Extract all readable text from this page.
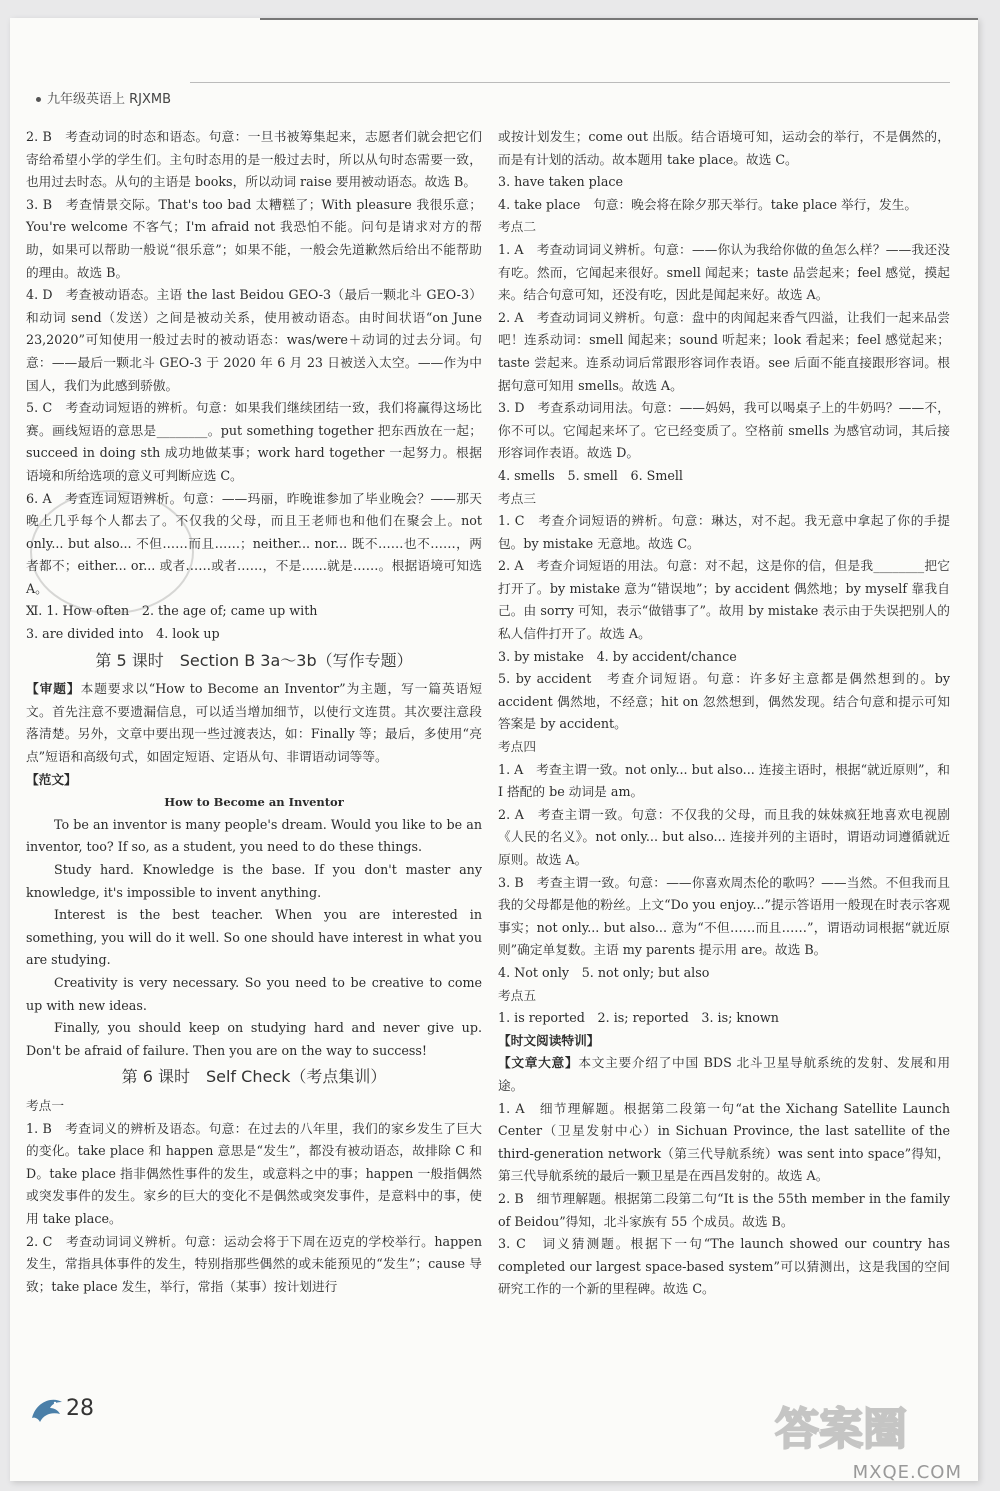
九年级英语上 RJXMB

2. B　考查动词的时态和语态。句意：一旦书被筹集起来，志愿者们就会把它们寄给希望小学的学生们。主句时态用的是一般过去时，所以从句时态需要一致，也用过去时态。从句的主语是 books，所以动词 raise 要用被动语态。故选 B。

3. B　考查情景交际。That's too bad 太糟糕了；With pleasure 我很乐意；You're welcome 不客气；I'm afraid not 我恐怕不能。问句是请求对方的帮助，如果可以帮助一般说“很乐意”；如果不能，一般会先道歉然后给出不能帮助的理由。故选 B。

4. D　考查被动语态。主语 the last Beidou GEO-3（最后一颗北斗 GEO-3）和动词 send（发送）之间是被动关系，使用被动语态。由时间状语“on June 23,2020”可知使用一般过去时的被动语态：was/were＋动词的过去分词。句意：——最后一颗北斗 GEO-3 于 2020 年 6 月 23 日被送入太空。——作为中国人，我们为此感到骄傲。

5. C　考查动词短语的辨析。句意：如果我们继续团结一致，我们将赢得这场比赛。画线短语的意思是________。put something together 把东西放在一起；succeed in doing sth 成功地做某事；work hard together 一起努力。根据语境和所给选项的意义可判断应选 C。

6. A　考查连词短语辨析。句意：——玛丽，昨晚谁参加了毕业晚会？——那天晚上几乎每个人都去了。不仅我的父母，而且王老师也和他们在聚会上。not only... but also... 不但……而且……；neither... nor... 既不……也不……，两者都不；either... or... 或者……或者……，不是……就是……。根据语境可知选 A。

Ⅺ. 1. How often　2. the age of; came up with

3. are divided into　4. look up

第 5 课时　Section B 3a～3b（写作专题）

【审题】本题要求以“How to Become an Inventor”为主题，写一篇英语短文。首先注意不要遗漏信息，可以适当增加细节，以使行文连贯。其次要注意段落清楚。另外，文章中要出现一些过渡表达，如：Finally 等；最后，多使用“亮点”短语和高级句式，如固定短语、定语从句、非谓语动词等等。

【范文】

How to Become an Inventor

To be an inventor is many people's dream. Would you like to be an inventor, too? If so, as a student, you need to do these things.

Study hard. Knowledge is the base. If you don't master any knowledge, it's impossible to invent anything.

Interest is the best teacher. When you are interested in something, you will do it well. So one should have interest in what you are studying.

Creativity is very necessary. So you need to be creative to come up with new ideas.

Finally, you should keep on studying hard and never give up. Don't be afraid of failure. Then you are on the way to success!

第 6 课时　Self Check（考点集训）

考点一

1. B　考查词义的辨析及语态。句意：在过去的八年里，我们的家乡发生了巨大的变化。take place 和 happen 意思是“发生”，都没有被动语态，故排除 C 和 D。take place 指非偶然性事件的发生，或意料之中的事；happen 一般指偶然或突发事件的发生。家乡的巨大的变化不是偶然或突发事件，是意料中的事，使用 take place。

2. C　考查动词词义辨析。句意：运动会将于下周在迈克的学校举行。happen 发生，常指具体事件的发生，特别指那些偶然的或未能预见的“发生”；cause 导致；take place 发生，举行，常指（某事）按计划进行

或按计划发生；come out 出版。结合语境可知，运动会的举行，不是偶然的，而是有计划的活动。故本题用 take place。故选 C。

3. have taken place

4. take place　句意：晚会将在除夕那天举行。take place 举行，发生。

考点二

1. A　考查动词词义辨析。句意：——你认为我给你做的鱼怎么样？——我还没有吃。然而，它闻起来很好。smell 闻起来；taste 品尝起来；feel 感觉，摸起来。结合句意可知，还没有吃，因此是闻起来好。故选 A。

2. A　考查动词词义辨析。句意：盘中的肉闻起来香气四溢，让我们一起来品尝吧！连系动词：smell 闻起来；sound 听起来；look 看起来；feel 感觉起来；taste 尝起来。连系动词后常跟形容词作表语。see 后面不能直接跟形容词。根据句意可知用 smells。故选 A。

3. D　考查系动词用法。句意：——妈妈，我可以喝桌子上的牛奶吗？——不，你不可以。它闻起来坏了。它已经变质了。空格前 smells 为感官动词，其后接形容词作表语。故选 D。

4. smells　5. smell　6. Smell

考点三

1. C　考查介词短语的辨析。句意：琳达，对不起。我无意中拿起了你的手提包。by mistake 无意地。故选 C。

2. A　考查介词短语的用法。句意：对不起，这是你的信，但是我________把它打开了。by mistake 意为“错误地”；by accident 偶然地；by myself 靠我自己。由 sorry 可知，表示“做错事了”。故用 by mistake 表示由于失误把别人的私人信件打开了。故选 A。

3. by mistake　4. by accident/chance

5. by accident　考查介词短语。句意：许多好主意都是偶然想到的。by accident 偶然地，不经意；hit on 忽然想到，偶然发现。结合句意和提示可知答案是 by accident。

考点四

1. A　考查主谓一致。not only... but also... 连接主语时，根据“就近原则”，和 I 搭配的 be 动词是 am。

2. A　考查主谓一致。句意：不仅我的父母，而且我的妹妹疯狂地喜欢电视剧《人民的名义》。not only... but also... 连接并列的主语时，谓语动词遵循就近原则。故选 A。

3. B　考查主谓一致。句意：——你喜欢周杰伦的歌吗？——当然。不但我而且我的父母都是他的粉丝。上文“Do you enjoy...”提示答语用一般现在时表示客观事实；not only... but also... 意为“不但……而且……”，谓语动词根据“就近原则”确定单复数。主语 my parents 提示用 are。故选 B。

4. Not only　5. not only; but also

考点五

1. is reported　2. is; reported　3. is; known

【时文阅读特训】

【文章大意】本文主要介绍了中国 BDS 北斗卫星导航系统的发射、发展和用途。

1. A　细节理解题。根据第二段第一句“at the Xichang Satellite Launch Center（卫星发射中心）in Sichuan Province, the last satellite of the third-generation network（第三代导航系统）was sent into space”得知，第三代导航系统的最后一颗卫星是在西昌发射的。故选 A。

2. B　细节理解题。根据第二段第二句“It is the 55th member in the family of Beidou”得知，北斗家族有 55 个成员。故选 B。

3. C　词义猜测题。根据下一句“The launch showed our country has completed our largest space-based system”可以猜测出，这是我国的空间研究工作的一个新的里程碑。故选 C。

28	答案圈
MXQE.COM
